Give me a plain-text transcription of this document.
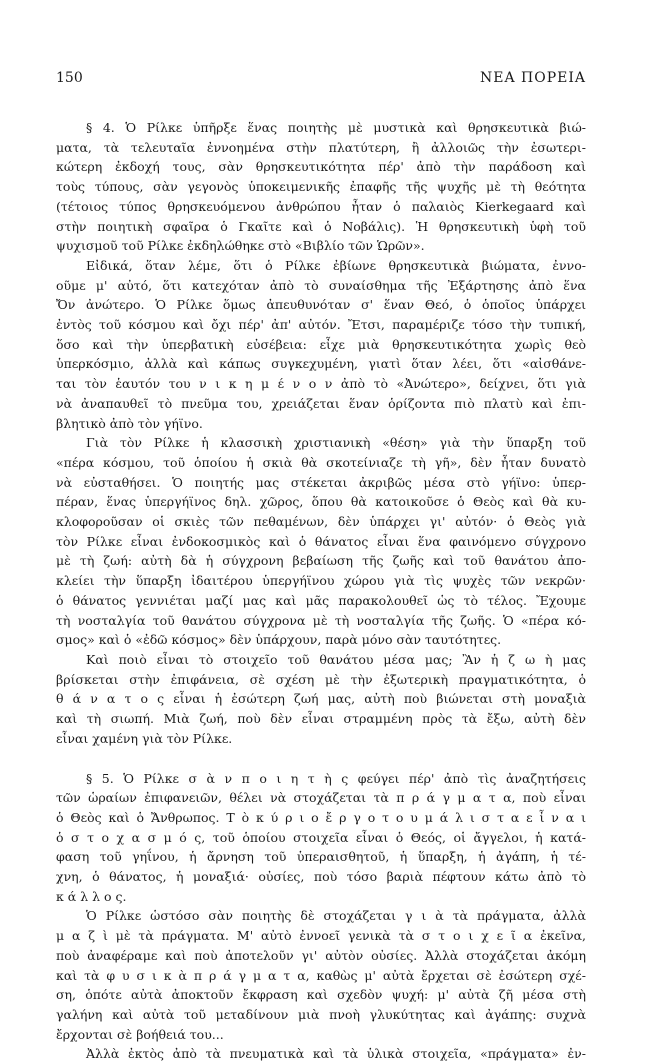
150	ΝΕΑ ΠΟΡΕΙΑ
§ 4. Ὁ Ρίλκε ὑπῆρξε ἕνας ποιητὴς μὲ μυστικὰ καὶ θρησκευτικὰ βιώ-
ματα, τὰ τελευταῖα ἐννοημένα στὴν πλατύτερη, ἢ ἀλλοιῶς τὴν ἐσωτερι-
κώτερη ἐκδοχή τους, σὰν θρησκευτικότητα πέρ' ἀπὸ τὴν παράδοση καὶ
τοὺς τύπους, σὰν γεγονὸς ὑποκειμενικῆς ἐπαφῆς τῆς ψυχῆς μὲ τὴ θεότητα
(τέτοιος τύπος θρησκευόμενου ἀνθρώπου ἦταν ὁ παλαιὸς Kierkegaard καὶ
στὴν ποιητικὴ σφαῖρα ὁ Γκαῖτε καὶ ὁ Νοβάλις). Ἡ θρησκευτικὴ ὑφὴ τοῦ
ψυχισμοῦ τοῦ Ρίλκε ἐκδηλώθηκε στὸ «Βιβλίο τῶν Ὡρῶν».
Εἰδικά, ὅταν λέμε, ὅτι ὁ Ρίλκε ἐβίωνε θρησκευτικὰ βιώματα, ἐννο-
οῦμε μ' αὐτό, ὅτι κατεχόταν ἀπὸ τὸ συναίσθημα τῆς Ἐξάρτησης ἀπὸ ἕνα
Ὄν ἀνώτερο. Ὁ Ρίλκε ὅμως ἀπευθυνόταν σ' ἕναν Θεό, ὁ ὁποῖος ὑπάρχει
ἐντὸς τοῦ κόσμου καὶ ὄχι πέρ' ἀπ' αὐτόν. Ἔτσι, παραμέριζε τόσο τὴν τυπική,
ὅσο καὶ τὴν ὑπερβατικὴ εὐσέβεια: εἶχε μιὰ θρησκευτικότητα χωρὶς θεὸ
ὑπερκόσμιο, ἀλλὰ καὶ κάπως συγκεχυμένη, γιατὶ ὅταν λέει, ὅτι «αἰσθάνε-
ται τὸν ἑαυτόν του ν ι κ η μ έ ν ο ν ἀπὸ τὸ «Ἀνώτερο», δείχνει, ὅτι γιὰ
νὰ ἀναπαυθεῖ τὸ πνεῦμα του, χρειάζεται ἕναν ὁρίζοντα πιὸ πλατὺ καὶ ἐπι-
βλητικὸ ἀπὸ τὸν γήϊνο.
Γιὰ τὸν Ρίλκε ἡ κλασσικὴ χριστιανικὴ «θέση» γιὰ τὴν ὕπαρξη τοῦ
«πέρα κόσμου, τοῦ ὁποίου ἡ σκιὰ θὰ σκοτείνιαζε τὴ γῆ», δὲν ἦταν δυνατὸ
νὰ εὐσταθήσει. Ὁ ποιητής μας στέκεται ἀκριβῶς μέσα στὸ γήϊνο: ὑπερ-
πέραν, ἕνας ὑπεργήϊνος δηλ. χῶρος, ὅπου θὰ κατοικοῦσε ὁ Θεὸς καὶ θὰ κυ-
κλοφοροῦσαν οἱ σκιὲς τῶν πεθαμένων, δὲν ὑπάρχει γι' αὐτόν· ὁ Θεὸς γιὰ
τὸν Ρίλκε εἶναι ἐνδοκοσμικὸς καὶ ὁ θάνατος εἶναι ἕνα φαινόμενο σύγχρονο
μὲ τὴ ζωή: αὐτὴ δὰ ἡ σύγχρονη βεβαίωση τῆς ζωῆς καὶ τοῦ θανάτου ἀπο-
κλείει τὴν ὕπαρξη ἰδαιτέρου ὑπεργήϊνου χώρου γιὰ τὶς ψυχὲς τῶν νεκρῶν·
ὁ θάνατος γεννιέται μαζί μας καὶ μᾶς παρακολουθεῖ ὡς τὸ τέλος. Ἔχουμε
τὴ νοσταλγία τοῦ θανάτου σύγχρονα μὲ τὴ νοσταλγία τῆς ζωῆς. Ὁ «πέρα κό-
σμος» καὶ ὁ «ἐδῶ κόσμος» δὲν ὑπάρχουν, παρὰ μόνο σὰν ταυτότητες.
Καὶ ποιὸ εἶναι τὸ στοιχεῖο τοῦ θανάτου μέσα μας; Ἂν ἡ ζ ω ὴ μας
βρίσκεται στὴν ἐπιφάνεια, σὲ σχέση μὲ τὴν ἐξωτερικὴ πραγματικότητα, ὁ
θ ά ν α τ ο ς εἶναι ἡ ἐσώτερη ζωή μας, αὐτὴ ποὺ βιώνεται στὴ μοναξιὰ
καὶ τὴ σιωπή. Μιὰ ζωή, ποὺ δὲν εἶναι στραμμένη πρὸς τὰ ἔξω, αὐτὴ δὲν
εἶναι χαμένη γιὰ τὸν Ρίλκε.
§ 5. Ὁ Ρίλκε σ ὰ ν π ο ι η τ ὴ ς φεύγει πέρ' ἀπὸ τὶς ἀναζητήσεις
τῶν ὡραίων ἐπιφανειῶν, θέλει νὰ στοχάζεται τὰ π ρ ά γ μ α τ α, ποὺ εἶναι
ὁ Θεὸς καὶ ὁ Ἄνθρωπος. Τ ὸ κ ύ ρ ι ο ἔ ρ γ ο τ ο υ μ ά λ ι σ τ α ε ἶ ν α ι
ὁ σ τ ο χ α σ μ ό ς, τοῦ ὁποίου στοιχεῖα εἶναι ὁ Θεός, οἱ ἄγγελοι, ἡ κατά-
φαση τοῦ γηΐνου, ἡ ἄρνηση τοῦ ὑπεραισθητοῦ, ἡ ὕπαρξη, ἡ ἀγάπη, ἡ τέ-
χνη, ὁ θάνατος, ἡ μοναξιά· οὐσίες, ποὺ τόσο βαριὰ πέφτουν κάτω ἀπὸ τὸ
κ ά λ λ ο ς.
Ὁ Ρίλκε ὡστόσο σὰν ποιητὴς δὲ στοχάζεται γ ι ὰ τὰ πράγματα, ἀλλὰ
μ α ζ ὶ μὲ τὰ πράγματα. Μ' αὐτὸ ἐννοεῖ γενικὰ τὰ σ τ ο ι χ ε ῖ α ἐκεῖνα,
ποὺ ἀναφέραμε καὶ ποὺ ἀποτελοῦν γι' αὐτὸν οὐσίες. Ἀλλὰ στοχάζεται ἀκόμη
καὶ τὰ φ υ σ ι κ ὰ π ρ ά γ μ α τ α, καθὼς μ' αὐτὰ ἔρχεται σὲ ἐσώτερη σχέ-
ση, ὁπότε αὐτὰ ἀποκτοῦν ἔκφραση καὶ σχεδὸν ψυχή: μ' αὐτὰ ζῆ μέσα στὴ
γαλήνη καὶ αὐτὰ τοῦ μεταδίνουν μιὰ πνοὴ γλυκύτητας καὶ ἀγάπης: συχνὰ
ἔρχονται σὲ βοήθειά του...
Ἀλλὰ ἐκτὸς ἀπὸ τὰ πνευματικὰ καὶ τὰ ὑλικὰ στοιχεῖα, «πράγματα» ἐν-
